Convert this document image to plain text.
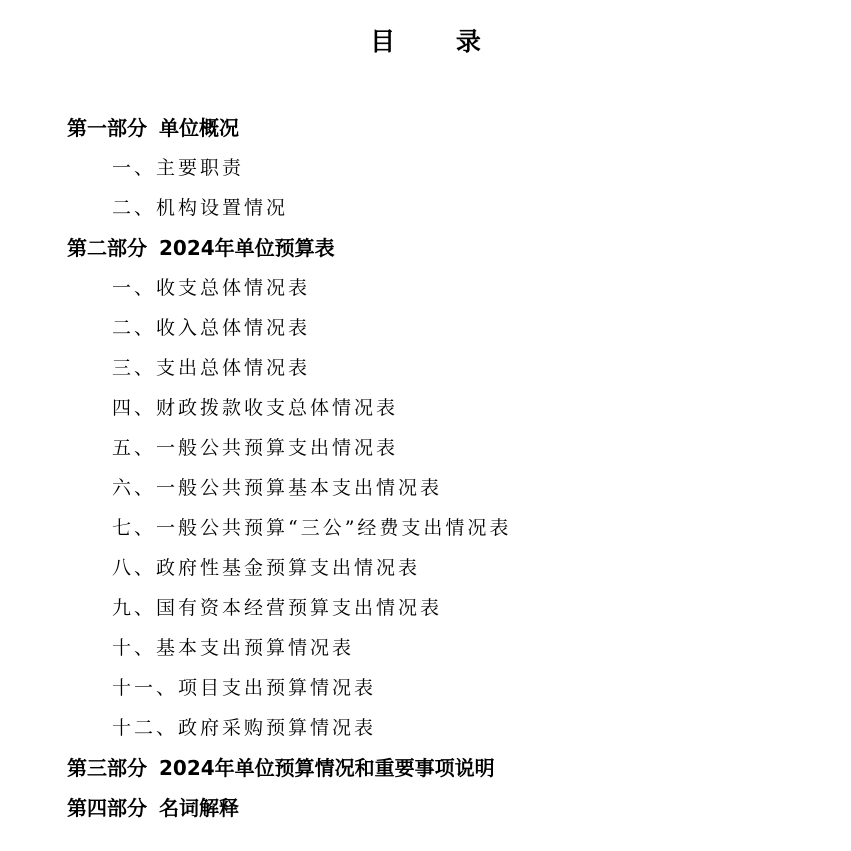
目 录
第一部分 单位概况
一、主要职责
二、机构设置情况
第二部分 2024年单位预算表
一、收支总体情况表
二、收入总体情况表
三、支出总体情况表
四、财政拨款收支总体情况表
五、一般公共预算支出情况表
六、一般公共预算基本支出情况表
七、一般公共预算“三公”经费支出情况表
八、政府性基金预算支出情况表
九、国有资本经营预算支出情况表
十、基本支出预算情况表
十一、项目支出预算情况表
十二、政府采购预算情况表
第三部分 2024年单位预算情况和重要事项说明
第四部分 名词解释
